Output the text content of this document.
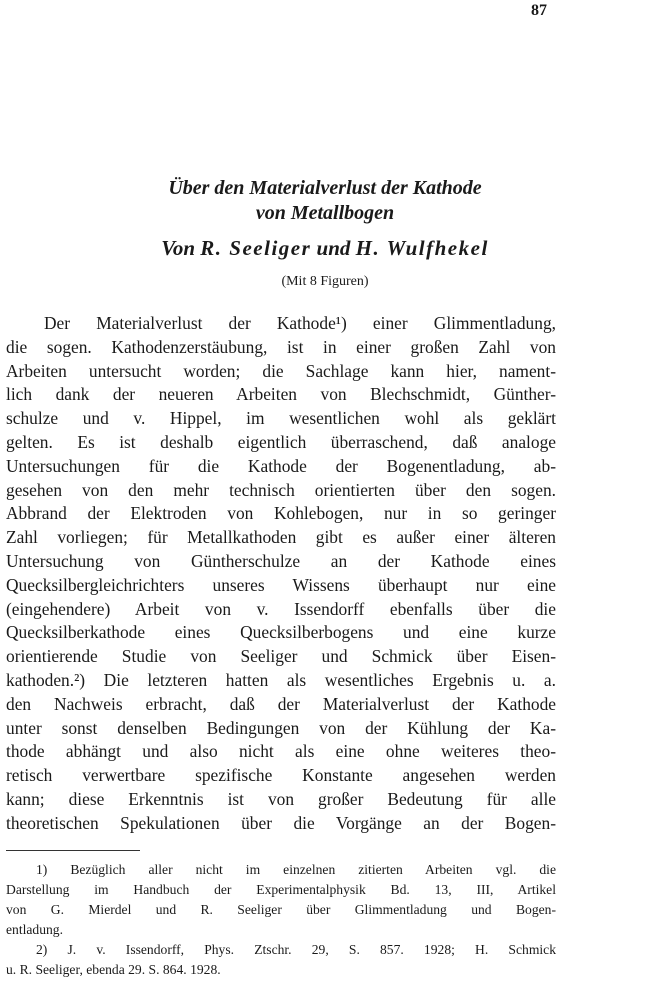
87
Über den Materialverlust der Kathode
von Metallbogen
Von R. Seeliger und H. Wulfhekel
(Mit 8 Figuren)
Der Materialverlust der Kathode¹) einer Glimmentladung,
die sogen. Kathodenzerstäubung, ist in einer großen Zahl von
Arbeiten untersucht worden; die Sachlage kann hier, nament-
lich dank der neueren Arbeiten von Blechschmidt, Günther-
schulze und v. Hippel, im wesentlichen wohl als geklärt
gelten. Es ist deshalb eigentlich überraschend, daß analoge
Untersuchungen für die Kathode der Bogenentladung, ab-
gesehen von den mehr technisch orientierten über den sogen.
Abbrand der Elektroden von Kohlebogen, nur in so geringer
Zahl vorliegen; für Metallkathoden gibt es außer einer älteren
Untersuchung von Güntherschulze an der Kathode eines
Quecksilbergleichrichters unseres Wissens überhaupt nur eine
(eingehendere) Arbeit von v. Issendorff ebenfalls über die
Quecksilberkathode eines Quecksilberbogens und eine kurze
orientierende Studie von Seeliger und Schmick über Eisen-
kathoden.²) Die letzteren hatten als wesentliches Ergebnis u. a.
den Nachweis erbracht, daß der Materialverlust der Kathode
unter sonst denselben Bedingungen von der Kühlung der Ka-
thode abhängt und also nicht als eine ohne weiteres theo-
retisch verwertbare spezifische Konstante angesehen werden
kann; diese Erkenntnis ist von großer Bedeutung für alle
theoretischen Spekulationen über die Vorgänge an der Bogen-
1) Bezüglich aller nicht im einzelnen zitierten Arbeiten vgl. die
Darstellung im Handbuch der Experimentalphysik Bd. 13, III, Artikel
von G. Mierdel und R. Seeliger über Glimmentladung und Bogen-
entladung.
2) J. v. Issendorff, Phys. Ztschr. 29, S. 857. 1928; H. Schmick
u. R. Seeliger, ebenda 29. S. 864. 1928.
